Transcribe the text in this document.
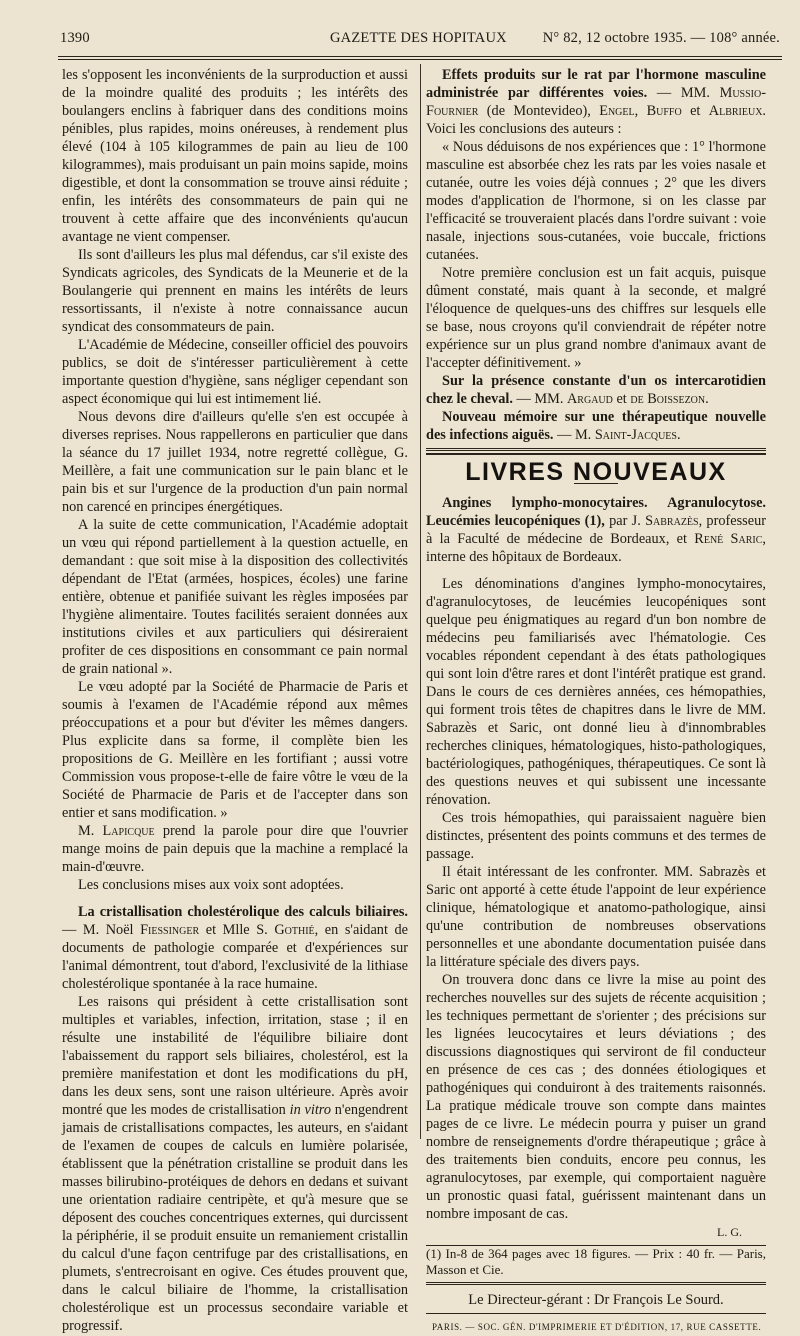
1390	GAZETTE DES HOPITAUX N° 82, 12 octobre 1935. — 108° année.

les s'opposent les inconvénients de la surproduction et aussi de la moindre qualité des produits ; les intérêts des boulangers enclins à fabriquer dans des conditions moins pénibles, plus rapides, moins onéreuses, à rendement plus élevé (104 à 105 kilogrammes de pain au lieu de 100 kilogrammes), mais produisant un pain moins sapide, moins digestible, et dont la consommation se trouve ainsi réduite ; enfin, les intérêts des consommateurs de pain qui ne trouvent à cette affaire que des inconvénients qu'aucun avantage ne vient compenser.

Ils sont d'ailleurs les plus mal défendus, car s'il existe des Syndicats agricoles, des Syndicats de la Meunerie et de la Boulangerie qui prennent en mains les intérêts de leurs ressortissants, il n'existe à notre connaissance aucun syndicat des consommateurs de pain.

L'Académie de Médecine, conseiller officiel des pouvoirs publics, se doit de s'intéresser particulièrement à cette importante question d'hygiène, sans négliger cependant son aspect économique qui lui est intimement lié.

Nous devons dire d'ailleurs qu'elle s'en est occupée à diverses reprises. Nous rappellerons en particulier que dans la séance du 17 juillet 1934, notre regretté collègue, G. Meillère, a fait une communication sur le pain blanc et le pain bis et sur l'urgence de la production d'un pain normal non carencé en principes énergétiques.

A la suite de cette communication, l'Académie adoptait un vœu qui répond partiellement à la question actuelle, en demandant : que soit mise à la disposition des collectivités dépendant de l'Etat (armées, hospices, écoles) une farine entière, obtenue et panifiée suivant les règles imposées par l'hygiène alimentaire. Toutes facilités seraient données aux institutions civiles et aux particuliers qui désireraient profiter de ces dispositions en consommant ce pain normal de grain national ».

Le vœu adopté par la Société de Pharmacie de Paris et soumis à l'examen de l'Académie répond aux mêmes préoccupations et a pour but d'éviter les mêmes dangers. Plus explicite dans sa forme, il complète bien les propositions de G. Meillère en les fortifiant ; aussi votre Commission vous propose-t-elle de faire vôtre le vœu de la Société de Pharmacie de Paris et de l'accepter dans son entier et sans modification. »

M. Lapicque prend la parole pour dire que l'ouvrier mange moins de pain depuis que la machine a remplacé la main-d'œuvre.

Les conclusions mises aux voix sont adoptées.

La cristallisation cholestérolique des calculs biliaires. — M. Noël Fiessinger et Mlle S. Gothié, en s'aidant de documents de pathologie comparée et d'expériences sur l'animal démontrent, tout d'abord, l'exclusivité de la lithiase cholestérolique spontanée à la race humaine.

Les raisons qui président à cette cristallisation sont multiples et variables, infection, irritation, stase ; il en résulte une instabilité de l'équilibre biliaire dont l'abaissement du rapport sels biliaires, cholestérol, est la première manifestation et dont les modifications du pH, dans les deux sens, sont une raison ultérieure. Après avoir montré que les modes de cristallisation in vitro n'engendrent jamais de cristallisations compactes, les auteurs, en s'aidant de l'examen de coupes de calculs en lumière polarisée, établissent que la pénétration cristalline se produit dans les masses bilirubino-protéiques de dehors en dedans et suivant une orientation radiaire centripète, et qu'à mesure que se déposent des couches concentriques externes, qui durcissent la périphérie, il se produit ensuite un remaniement cristallin du calcul d'une façon centrifuge par des cristallisations, en plumets, s'entrecroisant en ogive. Ces études prouvent que, dans le calcul biliaire de l'homme, la cristallisation cholestérolique est un processus secondaire variable et progressif.

Effets produits sur le rat par l'hormone masculine administrée par différentes voies. — MM. Mussio-Fournier (de Montevideo), Engel, Buffo et Albrieux. Voici les conclusions des auteurs :

« Nous déduisons de nos expériences que : 1° l'hormone masculine est absorbée chez les rats par les voies nasale et cutanée, outre les voies déjà connues ; 2° que les divers modes d'application de l'hormone, si on les classe par l'efficacité se trouveraient placés dans l'ordre suivant : voie nasale, injections sous-cutanées, voie buccale, frictions cutanées.

Notre première conclusion est un fait acquis, puisque dûment constaté, mais quant à la seconde, et malgré l'éloquence de quelques-uns des chiffres sur lesquels elle se base, nous croyons qu'il conviendrait de répéter notre expérience sur un plus grand nombre d'animaux avant de l'accepter définitivement. »

Sur la présence constante d'un os intercarotidien chez le cheval. — MM. Argaud et de Boissezon.

Nouveau mémoire sur une thérapeutique nouvelle des infections aiguës. — M. Saint-Jacques.

LIVRES NOUVEAUX

Angines lympho-monocytaires. Agranulocytose. Leucémies leucopéniques (1), par J. Sabrazès, professeur à la Faculté de médecine de Bordeaux, et René Saric, interne des hôpitaux de Bordeaux.

Les dénominations d'angines lympho-monocytaires, d'agranulocytoses, de leucémies leucopéniques sont quelque peu énigmatiques au regard d'un bon nombre de médecins peu familiarisés avec l'hématologie. Ces vocables répondent cependant à des états pathologiques qui sont loin d'être rares et dont l'intérêt pratique est grand. Dans le cours de ces dernières années, ces hémopathies, qui forment trois têtes de chapitres dans le livre de MM. Sabrazès et Saric, ont donné lieu à d'innombrables recherches cliniques, hématologiques, histo-pathologiques, bactériologiques, pathogéniques, thérapeutiques. Ce sont là des questions neuves et qui subissent une incessante rénovation.

Ces trois hémopathies, qui paraissaient naguère bien distinctes, présentent des points communs et des termes de passage.

Il était intéressant de les confronter. MM. Sabrazès et Saric ont apporté à cette étude l'appoint de leur expérience clinique, hématologique et anatomo-pathologique, ainsi qu'une contribution de nombreuses observations personnelles et une abondante documentation puisée dans la littérature spéciale des divers pays.

On trouvera donc dans ce livre la mise au point des recherches nouvelles sur des sujets de récente acquisition ; les techniques permettant de s'orienter ; des précisions sur les lignées leucocytaires et leurs déviations ; des discussions diagnostiques qui serviront de fil conducteur en présence de ces cas ; des données étiologiques et pathogéniques qui conduiront à des traitements raisonnés. La pratique médicale trouve son compte dans maintes pages de ce livre. Le médecin pourra y puiser un grand nombre de renseignements d'ordre thérapeutique ; grâce à des traitements bien conduits, encore peu connus, les agranulocytoses, par exemple, qui comportaient naguère un pronostic quasi fatal, guérissent maintenant dans un nombre imposant de cas.

L. G.

(1) In-8 de 364 pages avec 18 figures. — Prix : 40 fr. — Paris, Masson et Cie.

Le Directeur-gérant : Dr François Le Sourd.
PARIS. — SOC. GÉN. D'IMPRIMERIE ET D'ÉDITION, 17, RUE CASSETTE.
